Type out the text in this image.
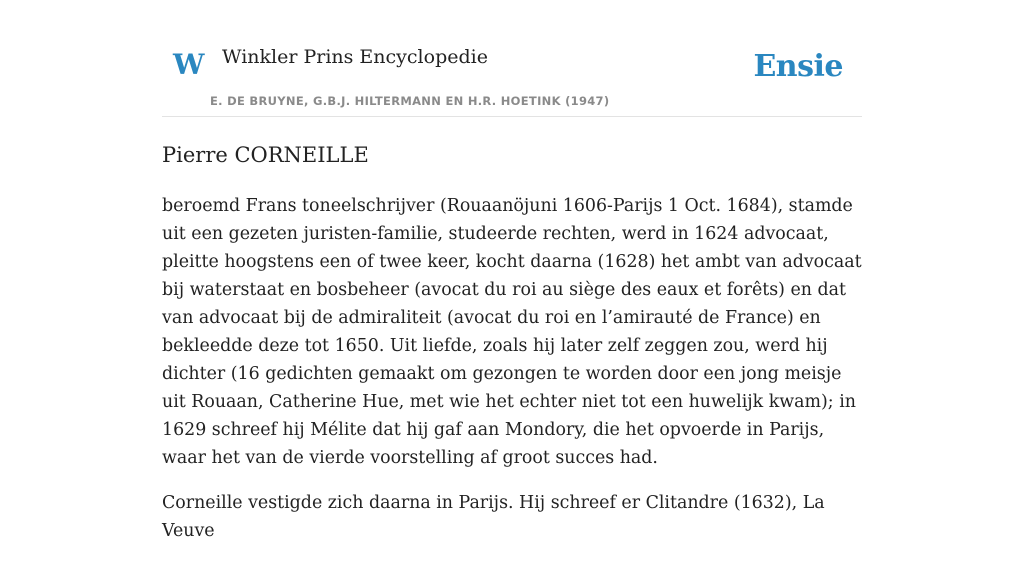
W Winkler Prins Encyclopedie
E. DE BRUYNE, G.B.J. HILTERMANN EN H.R. HOETINK (1947)
Ensie
Pierre CORNEILLE

beroemd Frans toneelschrijver (Rouaanöjuni 1606-Parijs 1 Oct. 1684), stamde uit een gezeten juristen-familie, studeerde rechten, werd in 1624 advocaat, pleitte hoogstens een of twee keer, kocht daarna (1628) het ambt van advocaat bij waterstaat en bosbeheer (avocat du roi au siège des eaux et forêts) en dat van advocaat bij de admiraliteit (avocat du roi en l’amirauté de France) en bekleedde deze tot 1650. Uit liefde, zoals hij later zelf zeggen zou, werd hij dichter (16 gedichten gemaakt om gezongen te worden door een jong meisje uit Rouaan, Catherine Hue, met wie het echter niet tot een huwelijk kwam); in 1629 schreef hij Mélite dat hij gaf aan Mondory, die het opvoerde in Parijs, waar het van de vierde voorstelling af groot succes had.

Corneille vestigde zich daarna in Parijs. Hij schreef er Clitandre (1632), La Veuve
